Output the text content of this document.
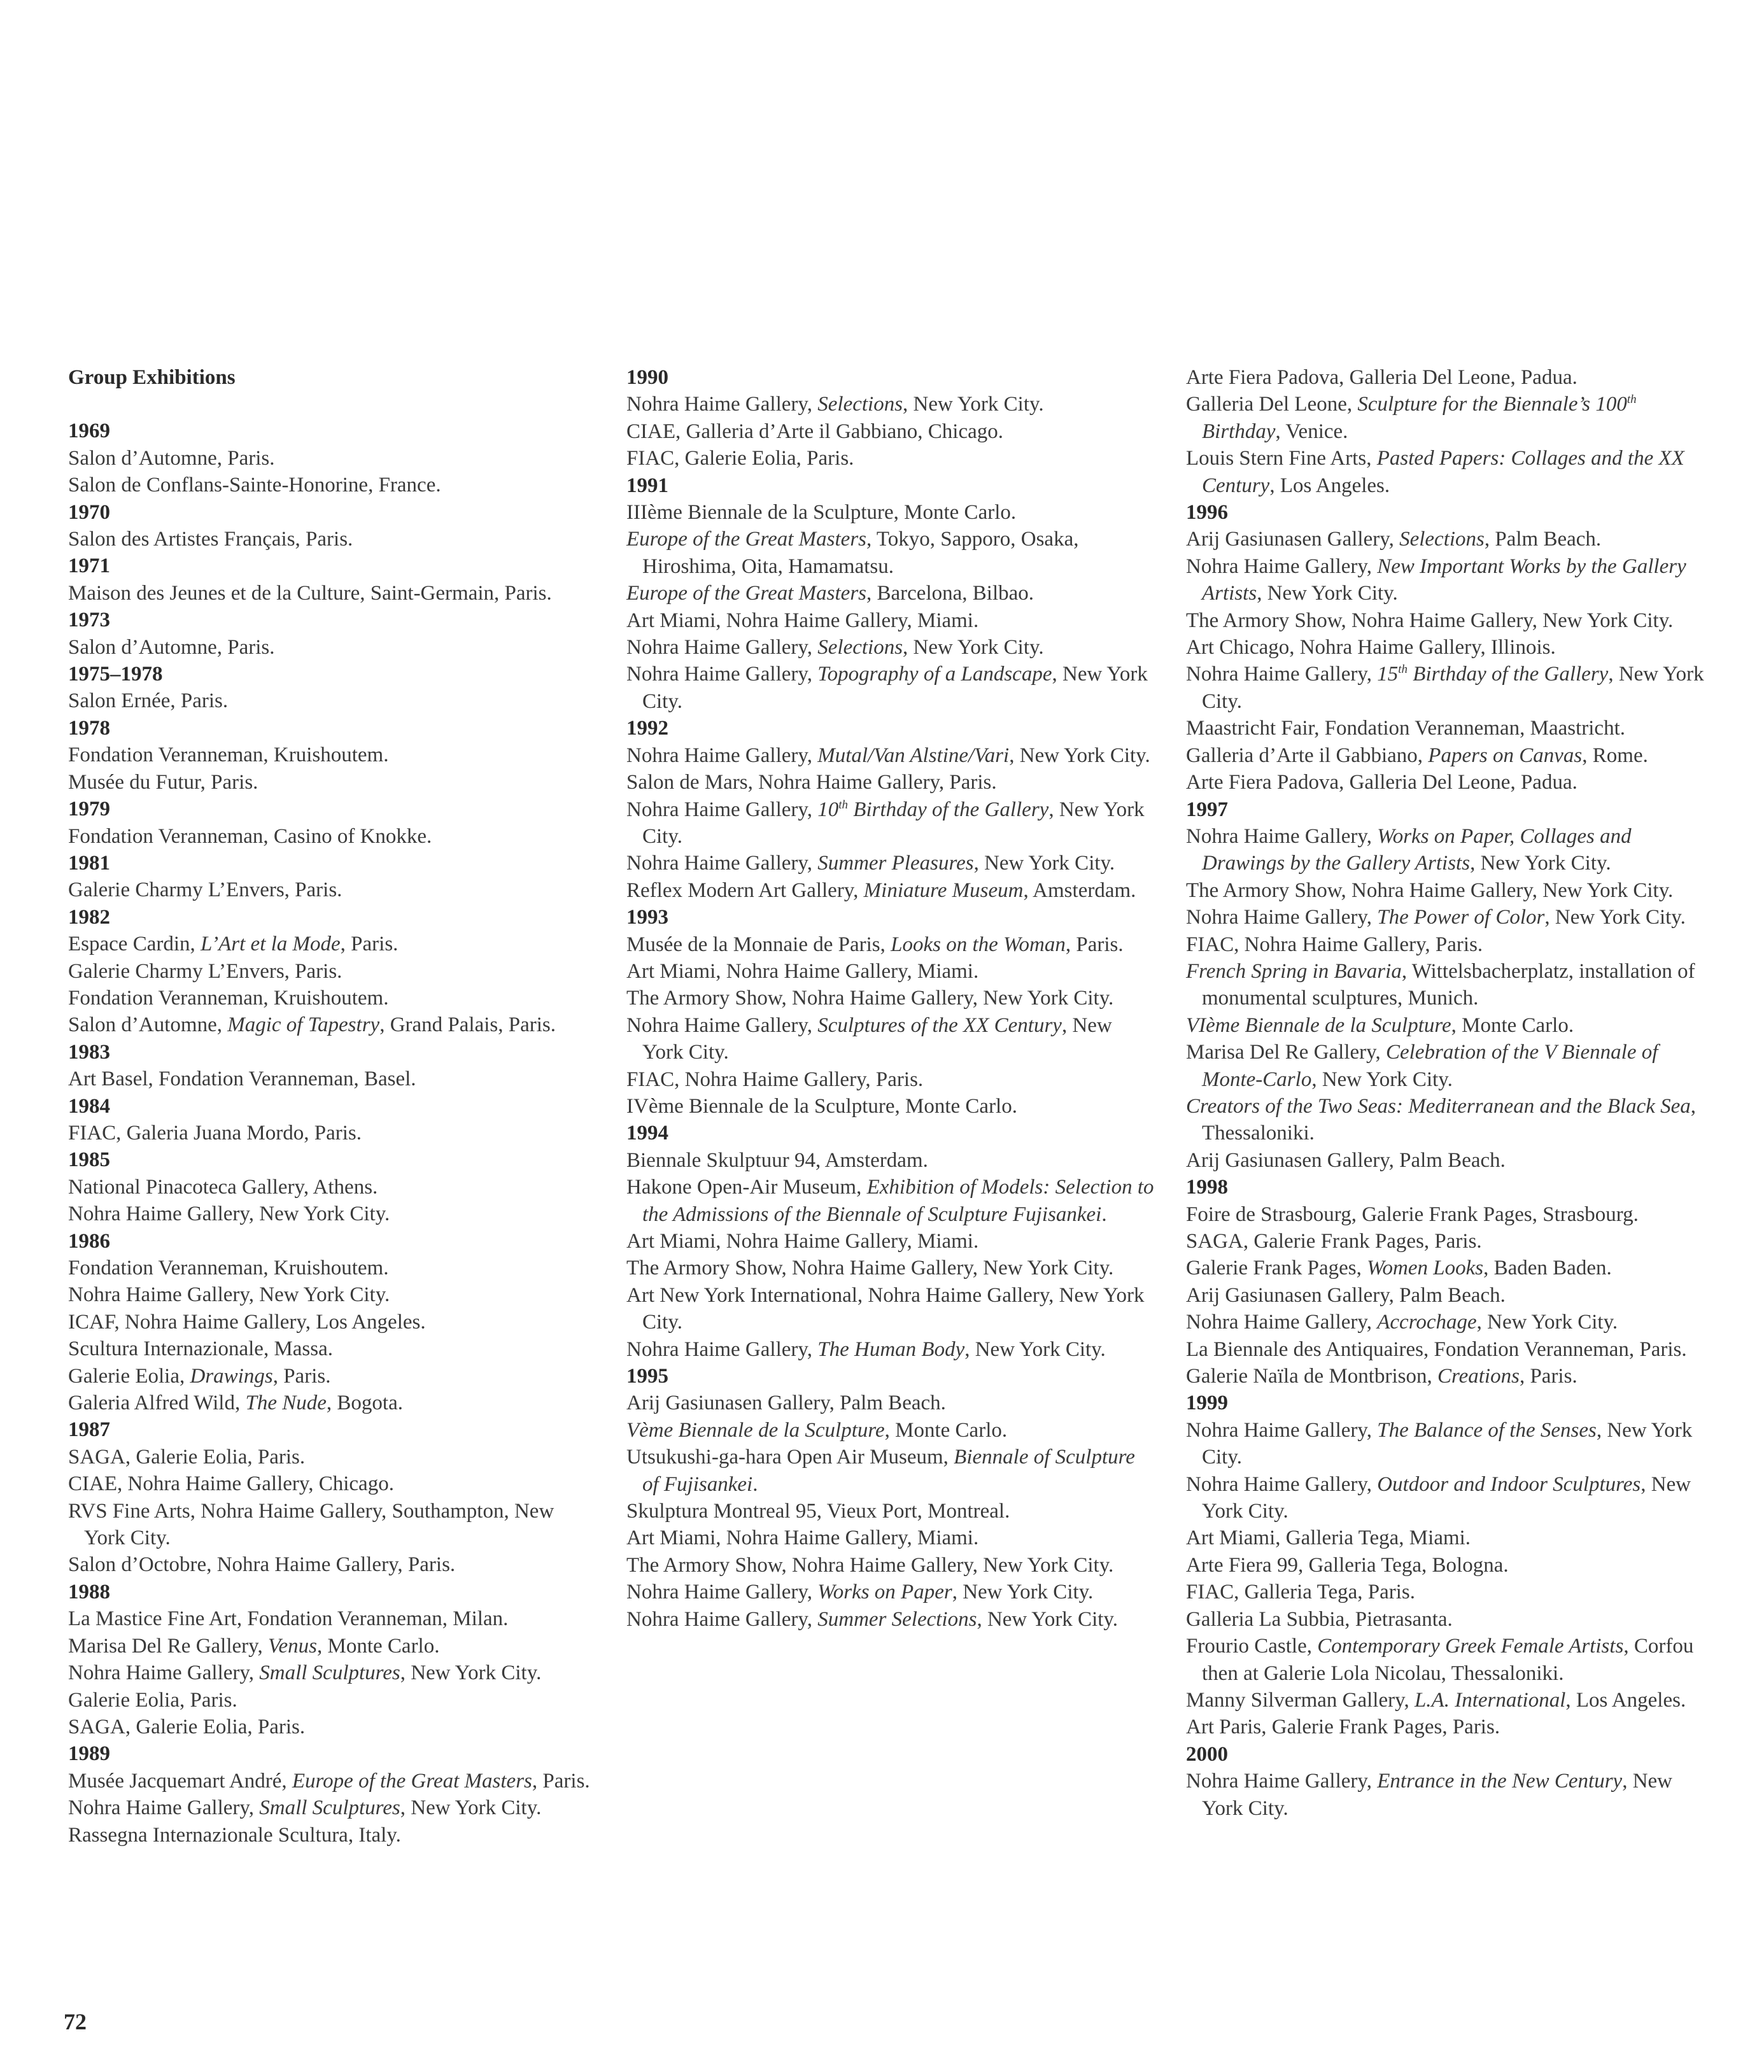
Group Exhibitions
1969
Salon d’Automne, Paris.
Salon de Conflans-Sainte-Honorine, France.
1970
Salon des Artistes Français, Paris.
1971
Maison des Jeunes et de la Culture, Saint-Germain, Paris.
1973
Salon d’Automne, Paris.
1975–1978
Salon Ernée, Paris.
1978
Fondation Veranneman, Kruishoutem.
Musée du Futur, Paris.
1979
Fondation Veranneman, Casino of Knokke.
1981
Galerie Charmy L’Envers, Paris.
1982
Espace Cardin, L’Art et la Mode, Paris.
Galerie Charmy L’Envers, Paris.
Fondation Veranneman, Kruishoutem.
Salon d’Automne, Magic of Tapestry, Grand Palais, Paris.
1983
Art Basel, Fondation Veranneman, Basel.
1984
FIAC, Galeria Juana Mordo, Paris.
1985
National Pinacoteca Gallery, Athens.
Nohra Haime Gallery, New York City.
1986
Fondation Veranneman, Kruishoutem.
Nohra Haime Gallery, New York City.
ICAF, Nohra Haime Gallery, Los Angeles.
Scultura Internazionale, Massa.
Galerie Eolia, Drawings, Paris.
Galeria Alfred Wild, The Nude, Bogota.
1987
SAGA, Galerie Eolia, Paris.
CIAE, Nohra Haime Gallery, Chicago.
RVS Fine Arts, Nohra Haime Gallery, Southampton, New York City.
Salon d’Octobre, Nohra Haime Gallery, Paris.
1988
La Mastice Fine Art, Fondation Veranneman, Milan.
Marisa Del Re Gallery, Venus, Monte Carlo.
Nohra Haime Gallery, Small Sculptures, New York City.
Galerie Eolia, Paris.
SAGA, Galerie Eolia, Paris.
1989
Musée Jacquemart André, Europe of the Great Masters, Paris.
Nohra Haime Gallery, Small Sculptures, New York City.
Rassegna Internazionale Scultura, Italy.
1990
Nohra Haime Gallery, Selections, New York City.
CIAE, Galleria d’Arte il Gabbiano, Chicago.
FIAC, Galerie Eolia, Paris.
1991
IIIème Biennale de la Sculpture, Monte Carlo.
Europe of the Great Masters, Tokyo, Sapporo, Osaka, Hiroshima, Oita, Hamamatsu.
Europe of the Great Masters, Barcelona, Bilbao.
Art Miami, Nohra Haime Gallery, Miami.
Nohra Haime Gallery, Selections, New York City.
Nohra Haime Gallery, Topography of a Landscape, New York City.
1992
Nohra Haime Gallery, Mutal/Van Alstine/Vari, New York City.
Salon de Mars, Nohra Haime Gallery, Paris.
Nohra Haime Gallery, 10th Birthday of the Gallery, New York City.
Nohra Haime Gallery, Summer Pleasures, New York City.
Reflex Modern Art Gallery, Miniature Museum, Amsterdam.
1993
Musée de la Monnaie de Paris, Looks on the Woman, Paris.
Art Miami, Nohra Haime Gallery, Miami.
The Armory Show, Nohra Haime Gallery, New York City.
Nohra Haime Gallery, Sculptures of the XX Century, New York City.
FIAC, Nohra Haime Gallery, Paris.
IVème Biennale de la Sculpture, Monte Carlo.
1994
Biennale Skulptuur 94, Amsterdam.
Hakone Open-Air Museum, Exhibition of Models: Selection to the Admissions of the Biennale of Sculpture Fujisankei.
Art Miami, Nohra Haime Gallery, Miami.
The Armory Show, Nohra Haime Gallery, New York City.
Art New York International, Nohra Haime Gallery, New York City.
Nohra Haime Gallery, The Human Body, New York City.
1995
Arij Gasiunasen Gallery, Palm Beach.
Vème Biennale de la Sculpture, Monte Carlo.
Utsukushi-ga-hara Open Air Museum, Biennale of Sculpture of Fujisankei.
Skulptura Montreal 95, Vieux Port, Montreal.
Art Miami, Nohra Haime Gallery, Miami.
The Armory Show, Nohra Haime Gallery, New York City.
Nohra Haime Gallery, Works on Paper, New York City.
Nohra Haime Gallery, Summer Selections, New York City.
Arte Fiera Padova, Galleria Del Leone, Padua.
Galleria Del Leone, Sculpture for the Biennale’s 100th Birthday, Venice.
Louis Stern Fine Arts, Pasted Papers: Collages and the XX Century, Los Angeles.
1996
Arij Gasiunasen Gallery, Selections, Palm Beach.
Nohra Haime Gallery, New Important Works by the Gallery Artists, New York City.
The Armory Show, Nohra Haime Gallery, New York City.
Art Chicago, Nohra Haime Gallery, Illinois.
Nohra Haime Gallery, 15th Birthday of the Gallery, New York City.
Maastricht Fair, Fondation Veranneman, Maastricht.
Galleria d’Arte il Gabbiano, Papers on Canvas, Rome.
Arte Fiera Padova, Galleria Del Leone, Padua.
1997
Nohra Haime Gallery, Works on Paper, Collages and Drawings by the Gallery Artists, New York City.
The Armory Show, Nohra Haime Gallery, New York City.
Nohra Haime Gallery, The Power of Color, New York City.
FIAC, Nohra Haime Gallery, Paris.
French Spring in Bavaria, Wittelsbacherplatz, installation of monumental sculptures, Munich.
VIème Biennale de la Sculpture, Monte Carlo.
Marisa Del Re Gallery, Celebration of the V Biennale of Monte-Carlo, New York City.
Creators of the Two Seas: Mediterranean and the Black Sea, Thessaloniki.
Arij Gasiunasen Gallery, Palm Beach.
1998
Foire de Strasbourg, Galerie Frank Pages, Strasbourg.
SAGA, Galerie Frank Pages, Paris.
Galerie Frank Pages, Women Looks, Baden Baden.
Arij Gasiunasen Gallery, Palm Beach.
Nohra Haime Gallery, Accrochage, New York City.
La Biennale des Antiquaires, Fondation Veranneman, Paris.
Galerie Naïla de Montbrison, Creations, Paris.
1999
Nohra Haime Gallery, The Balance of the Senses, New York City.
Nohra Haime Gallery, Outdoor and Indoor Sculptures, New York City.
Art Miami, Galleria Tega, Miami.
Arte Fiera 99, Galleria Tega, Bologna.
FIAC, Galleria Tega, Paris.
Galleria La Subbia, Pietrasanta.
Frourio Castle, Contemporary Greek Female Artists, Corfou then at Galerie Lola Nicolau, Thessaloniki.
Manny Silverman Gallery, L.A. International, Los Angeles.
Art Paris, Galerie Frank Pages, Paris.
2000
Nohra Haime Gallery, Entrance in the New Century, New York City.
72
